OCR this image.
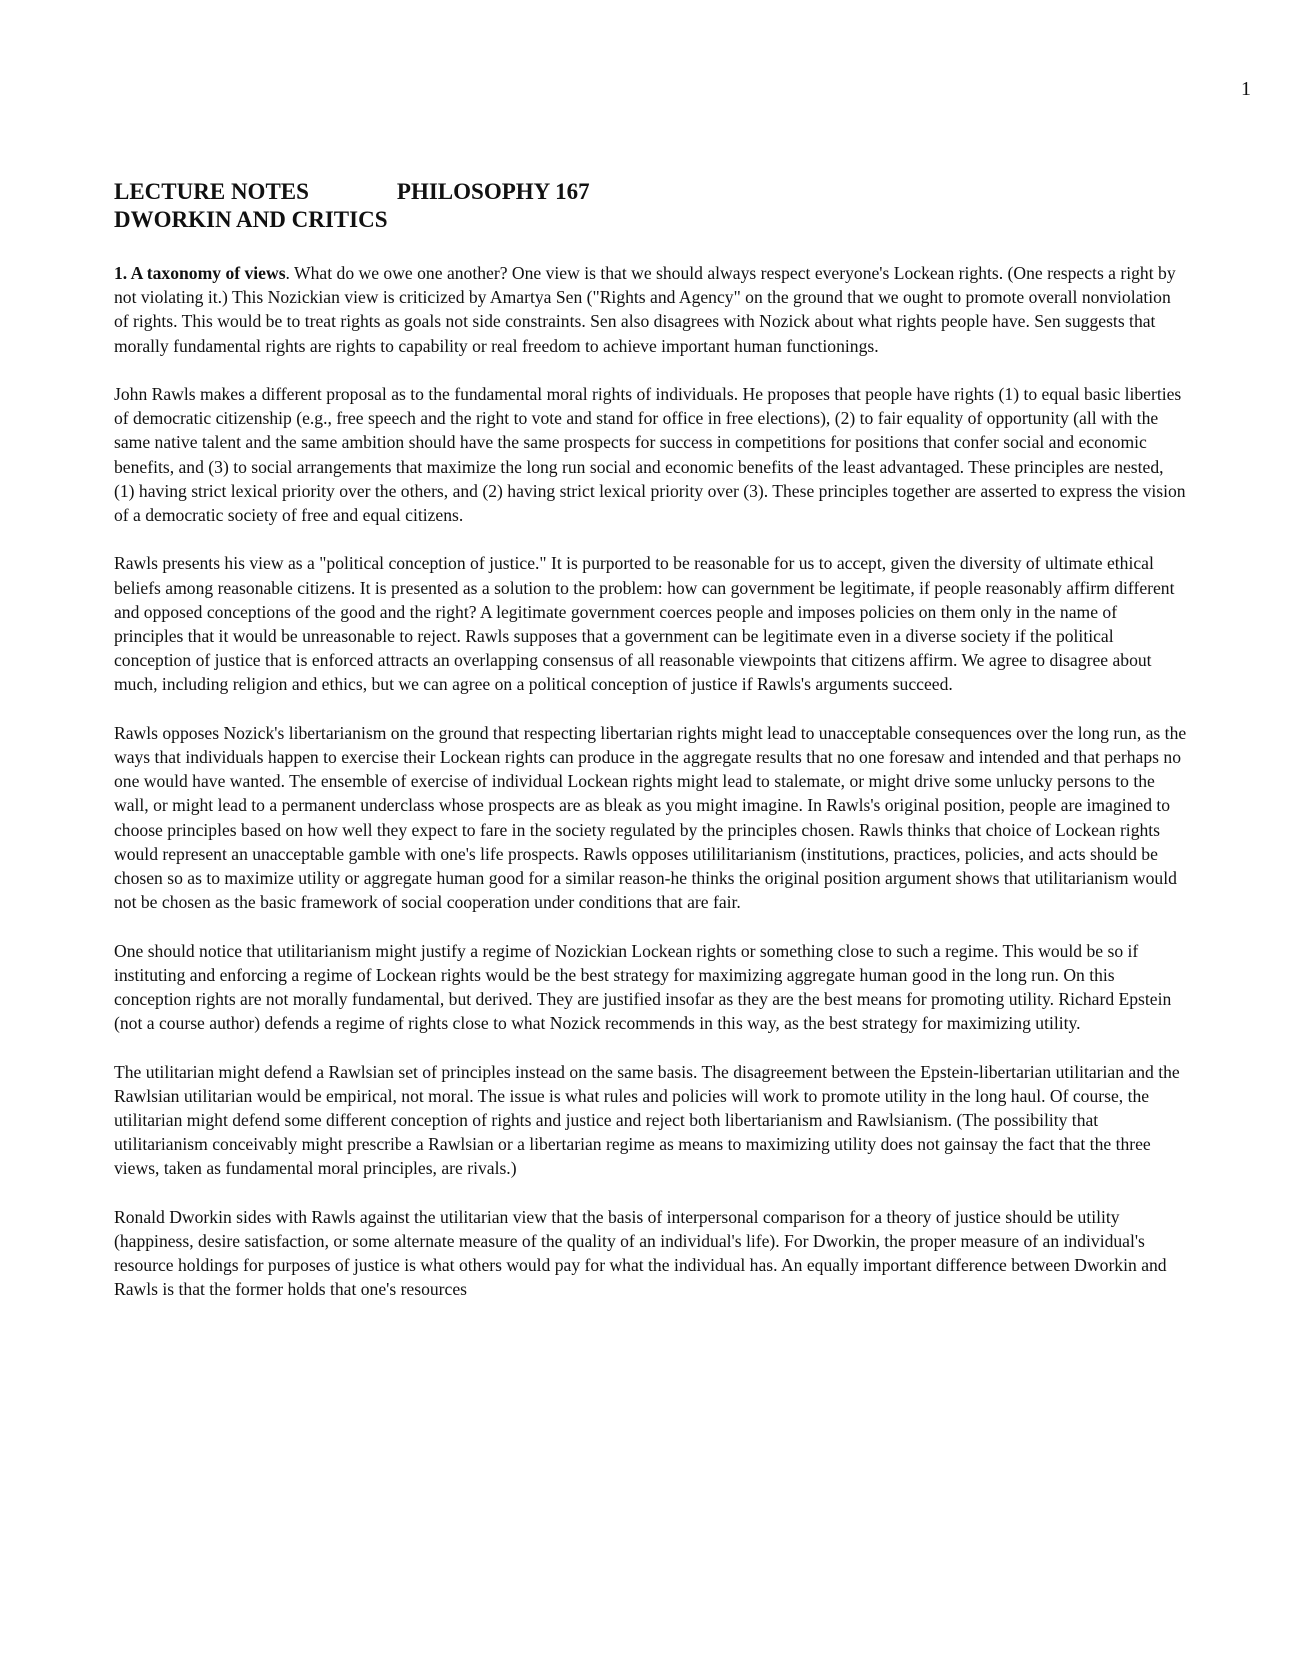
1
LECTURE NOTES	PHILOSOPHY 167
DWORKIN AND CRITICS

1. A taxonomy of views. What do we owe one another? One view is that we should always respect everyone's Lockean rights. (One respects a right by not violating it.) This Nozickian view is criticized by Amartya Sen ("Rights and Agency" on the ground that we ought to promote overall nonviolation of rights. This would be to treat rights as goals not side constraints. Sen also disagrees with Nozick about what rights people have. Sen suggests that morally fundamental rights are rights to capability or real freedom to achieve important human functionings.

John Rawls makes a different proposal as to the fundamental moral rights of individuals. He proposes that people have rights (1) to equal basic liberties of democratic citizenship (e.g., free speech and the right to vote and stand for office in free elections), (2) to fair equality of opportunity (all with the same native talent and the same ambition should have the same prospects for success in competitions for positions that confer social and economic benefits, and (3) to social arrangements that maximize the long run social and economic benefits of the least advantaged. These principles are nested, (1) having strict lexical priority over the others, and (2) having strict lexical priority over (3). These principles together are asserted to express the vision of a democratic society of free and equal citizens.

Rawls presents his view as a "political conception of justice." It is purported to be reasonable for us to accept, given the diversity of ultimate ethical beliefs among reasonable citizens. It is presented as a solution to the problem: how can government be legitimate, if people reasonably affirm different and opposed conceptions of the good and the right? A legitimate government coerces people and imposes policies on them only in the name of principles that it would be unreasonable to reject. Rawls supposes that a government can be legitimate even in a diverse society if the political conception of justice that is enforced attracts an overlapping consensus of all reasonable viewpoints that citizens affirm. We agree to disagree about much, including religion and ethics, but we can agree on a political conception of justice if Rawls's arguments succeed.

Rawls opposes Nozick's libertarianism on the ground that respecting libertarian rights might lead to unacceptable consequences over the long run, as the ways that individuals happen to exercise their Lockean rights can produce in the aggregate results that no one foresaw and intended and that perhaps no one would have wanted. The ensemble of exercise of individual Lockean rights might lead to stalemate, or might drive some unlucky persons to the wall, or might lead to a permanent underclass whose prospects are as bleak as you might imagine. In Rawls's original position, people are imagined to choose principles based on how well they expect to fare in the society regulated by the principles chosen. Rawls thinks that choice of Lockean rights would represent an unacceptable gamble with one's life prospects. Rawls opposes utililitarianism (institutions, practices, policies, and acts should be chosen so as to maximize utility or aggregate human good for a similar reason-he thinks the original position argument shows that utilitarianism would not be chosen as the basic framework of social cooperation under conditions that are fair.

One should notice that utilitarianism might justify a regime of Nozickian Lockean rights or something close to such a regime. This would be so if instituting and enforcing a regime of Lockean rights would be the best strategy for maximizing aggregate human good in the long run. On this conception rights are not morally fundamental, but derived. They are justified insofar as they are the best means for promoting utility. Richard Epstein (not a course author) defends a regime of rights close to what Nozick recommends in this way, as the best strategy for maximizing utility.

The utilitarian might defend a Rawlsian set of principles instead on the same basis. The disagreement between the Epstein-libertarian utilitarian and the Rawlsian utilitarian would be empirical, not moral. The issue is what rules and policies will work to promote utility in the long haul. Of course, the utilitarian might defend some different conception of rights and justice and reject both libertarianism and Rawlsianism. (The possibility that utilitarianism conceivably might prescribe a Rawlsian or a libertarian regime as means to maximizing utility does not gainsay the fact that the three views, taken as fundamental moral principles, are rivals.)

Ronald Dworkin sides with Rawls against the utilitarian view that the basis of interpersonal comparison for a theory of justice should be utility (happiness, desire satisfaction, or some alternate measure of the quality of an individual's life). For Dworkin, the proper measure of an individual's resource holdings for purposes of justice is what others would pay for what the individual has. An equally important difference between Dworkin and Rawls is that the former holds that one's resources
